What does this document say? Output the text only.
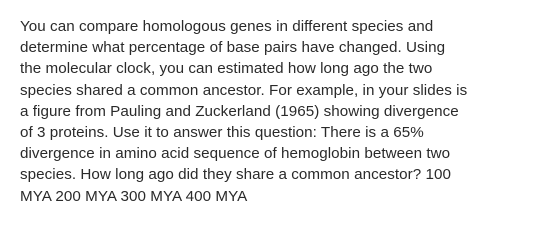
You can compare homologous genes in different species and
determine what percentage of base pairs have changed. Using
the molecular clock, you can estimated how long ago the two
species shared a common ancestor. For example, in your slides is
a figure from Pauling and Zuckerland (1965) showing divergence
of 3 proteins. Use it to answer this question: There is a 65%
divergence in amino acid sequence of hemoglobin between two
species. How long ago did they share a common ancestor? 100
MYA 200 MYA 300 MYA 400 MYA
